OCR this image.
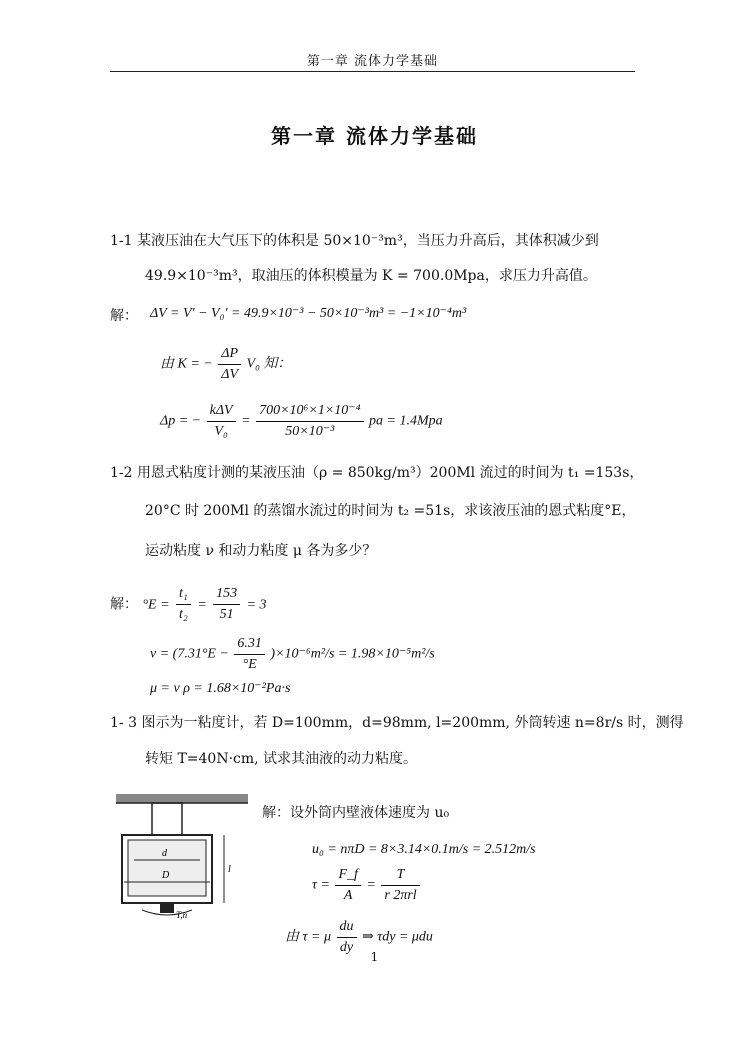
第一章 流体力学基础
第一章 流体力学基础
1-1 某液压油在大气压下的体积是 50×10⁻³m³，当压力升高后，其体积减少到
49.9×10⁻³m³，取油压的体积模量为 K = 700.0Mpa，求压力升高值。
解： ΔV = V′ − V₀′ = 49.9×10⁻³ − 50×10⁻³m³ = −1×10⁻⁴m³
由 K = − $\frac{\Delta P}{\Delta V} V_0$ 知：
Δp = − $\frac{\text{kΔV}}{\text{V₀}} = \frac{\text{700×10⁶×1×10⁻⁴}}{\text{50×10⁻³}}$ pa = 1.4Mpa
1-2 用恩式粘度计测的某液压油（ρ = 850kg/m³）200Ml 流过的时间为 t₁ =153s，
20°C 时 200Ml 的蒸馏水流过的时间为 t₂ =51s，求该液压油的恩式粘度°E，
运动粘度 ν 和动力粘度 μ 各为多少？
解： $^\circ E = \frac{\text{t₁}}{\text{t₂}} = \frac{153}{51} = 3$
$\nu = (7.31^\circ E - \frac{6.31}{^\circ E} )\times 10^{-6}m^2/s = 1.98\times 10^{-5}m^2/s$
μ = ν ρ = 1.68×10⁻²Pa·s
1- 3 图示为一粘度计，若 D=100mm，d=98mm, l=200mm, 外筒转速 n=8r/s 时，测得
转矩 T=40N·cm, 试求其油液的动力粘度。
d
D
l
T,n
解：设外筒内壁液体速度为 u₀
u₀ = nπD = 8×3.14×0.1m/s = 2.512m/s
$\tau = \frac{F\_f}{A} = \frac{T}{\text{r 2πrl}}$
由 τ = μ $\frac{du}{dy}$ ⇒ τdy = μdu
1
